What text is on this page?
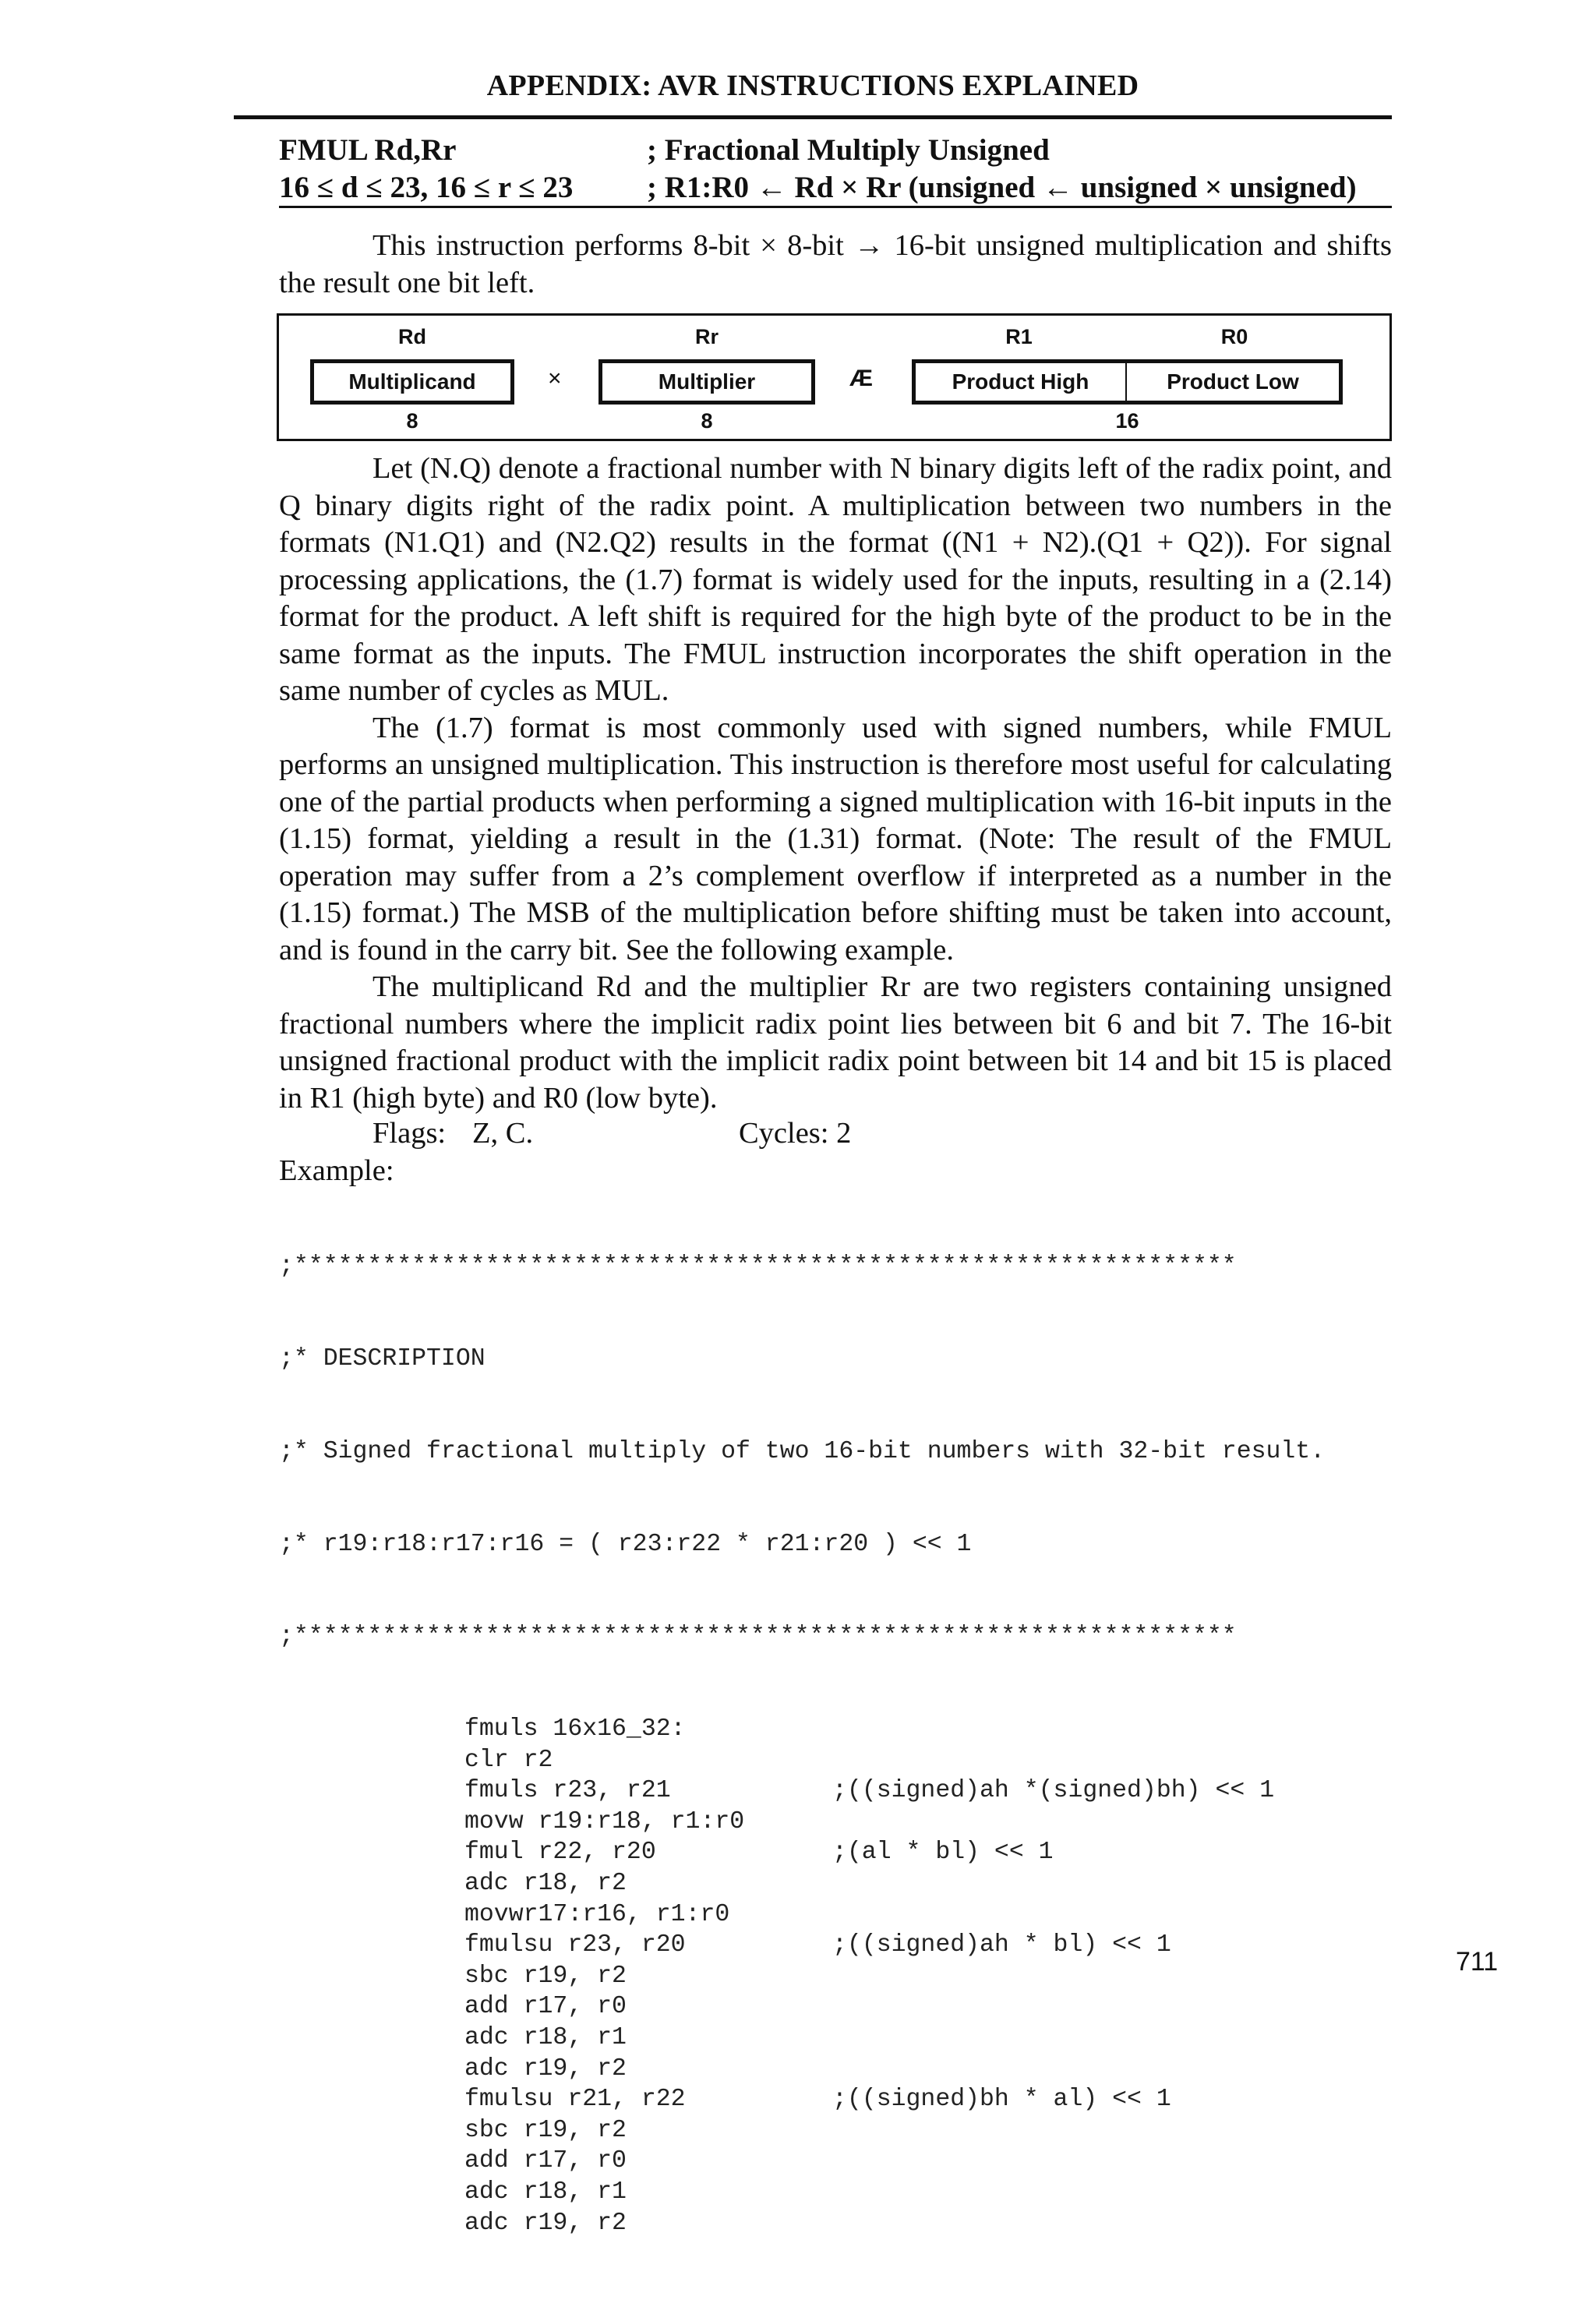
APPENDIX: AVR INSTRUCTIONS EXPLAINED
FMUL Rd,Rr	; Fractional Multiply Unsigned
16 ≤ d ≤ 23, 16 ≤ r ≤ 23 ; R1:R0 ← Rd × Rr (unsigned ← unsigned × unsigned)

This instruction performs 8-bit × 8-bit → 16-bit unsigned multiplication and shifts the result one bit left.

Rd	Rr	R1	R0
Multiplicand	×	Multiplier	Æ	Product High	Product Low
8	8	16

Let (N.Q) denote a fractional number with N binary digits left of the radix point, and Q binary digits right of the radix point. A multiplication between two numbers in the formats (N1.Q1) and (N2.Q2) results in the format ((N1 + N2).(Q1 + Q2)). For signal processing applications, the (1.7) format is widely used for the inputs, resulting in a (2.14) format for the product. A left shift is required for the high byte of the product to be in the same format as the inputs. The FMUL instruction incorporates the shift operation in the same number of cycles as MUL.

The (1.7) format is most commonly used with signed numbers, while FMUL performs an unsigned multiplication. This instruction is therefore most useful for calculating one of the partial products when performing a signed multiplication with 16-bit inputs in the (1.15) format, yielding a result in the (1.31) format. (Note: The result of the FMUL operation may suffer from a 2’s complement overflow if interpreted as a number in the (1.15) format.) The MSB of the multiplication before shifting must be taken into account, and is found in the carry bit. See the following example.

The multiplicand Rd and the multiplier Rr are two registers containing unsigned fractional numbers where the implicit radix point lies between bit 6 and bit 7. The 16-bit unsigned fractional product with the implicit radix point between bit 14 and bit 15 is placed in R1 (high byte) and R0 (low byte).

Flags: Z, C.	Cycles: 2
Example:

;****************************************************************

;* DESCRIPTION

;* Signed fractional multiply of two 16-bit numbers with 32-bit result.

;* r19:r18:r17:r16 = ( r23:r22 * r21:r20 ) << 1

;****************************************************************

fmuls 16x16_32:
clr r2
fmuls r23, r21	;((signed)ah *(signed)bh) << 1
movw r19:r18, r1:r0
fmul r22, r20	;(al * bl) << 1
adc r18, r2
movwr17:r16, r1:r0
fmulsu r23, r20	;((signed)ah * bl) << 1
sbc r19, r2
add r17, r0
adc r18, r1
adc r19, r2
fmulsu r21, r22	;((signed)bh * al) << 1
sbc r19, r2
add r17, r0
adc r18, r1
adc r19, r2

711
